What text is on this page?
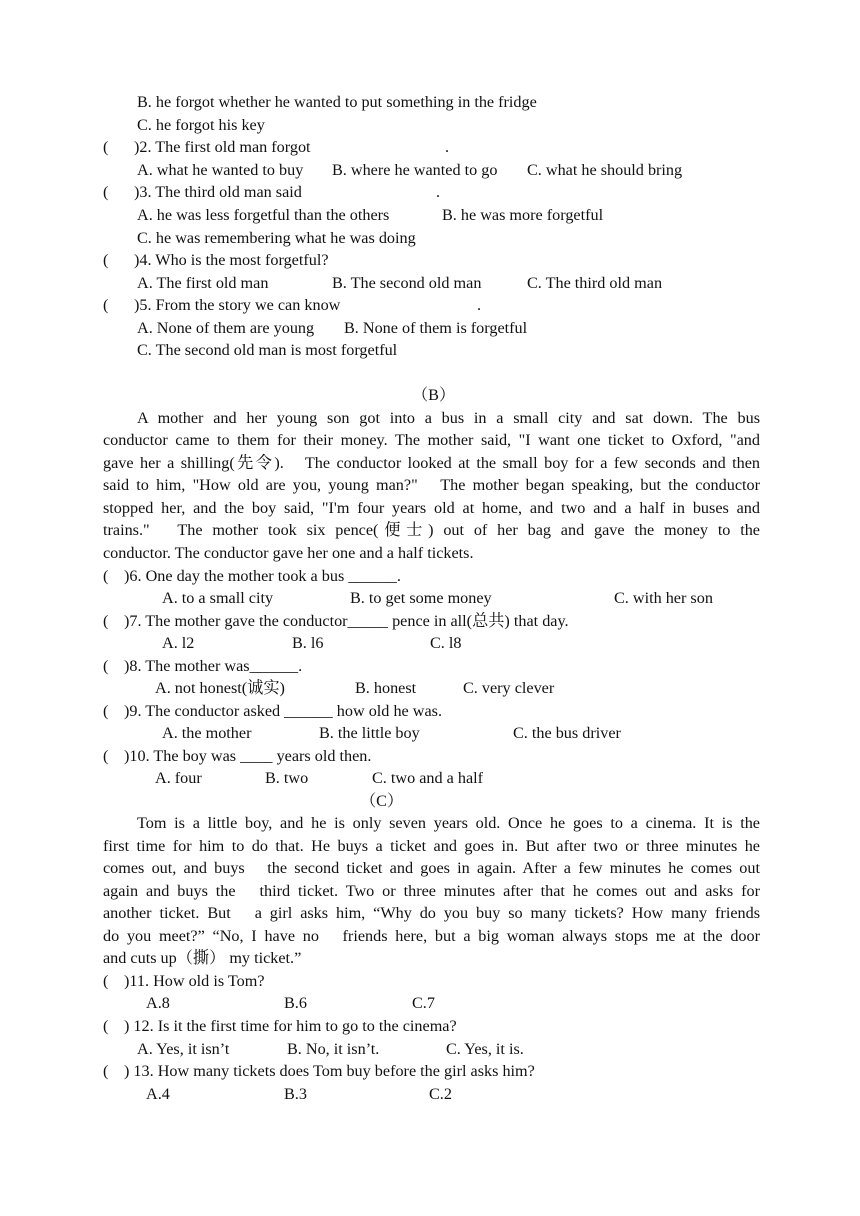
B. he forgot whether he wanted to put something in the fridge
C. he forgot his key
( )2. The first old man forgot	.
A. what he wanted to buy B. where he wanted to go C. what he should bring
( )3. The third old man said	.
A. he was less forgetful than the others	B. he was more forgetful
C. he was remembering what he was doing
( )4. Who is the most forgetful?
A. The first old man	B. The second old man	C. The third old man
( )5. From the story we can know	.
A. None of them are young B. None of them is forgetful
C. The second old man is most forgetful
（B）
A mother and her young son got into a bus in a small city and sat down. The bus
conductor came to them for their money. The mother said, "I want one ticket to Oxford, "and
gave her a shilling(先令).　The conductor looked at the small boy for a few seconds and then
said to him, "How old are you, young man?"　The mother began speaking, but the conductor
stopped her, and the boy said, "I'm four years old at home, and two and a half in buses and
trains."　The mother took six pence(便士) out of her bag and gave the money to the
conductor. The conductor gave her one and a half tickets.
( )6. One day the mother took a bus ______.
A. to a small city	B. to get some money	C. with her son
( )7. The mother gave the conductor_____ pence in all(总共) that day.
A. l2	B. l6	C. l8
( )8. The mother was______.
A. not honest(诚实)	B. honest	C. very clever
( )9. The conductor asked ______ how old he was.
A. the mother	B. the little boy	C. the bus driver
( )10. The boy was ____ years old then.
A. four	B. two	C. two and a half
（C）
Tom is a little boy, and he is only seven years old. Once he goes to a cinema. It is the
first time for him to do that. He buys a ticket and goes in. But after two or three minutes he
comes out, and buys　the second ticket and goes in again. After a few minutes he comes out
again and buys the　third ticket. Two or three minutes after that he comes out and asks for
another ticket. But　a girl asks him, “Why do you buy so many tickets? How many friends
do you meet?” “No, I have no　friends here, but a big woman always stops me at the door
and cuts up（撕） my ticket.”
( )11. How old is Tom?
A.8	B.6	C.7
( ) 12. Is it the first time for him to go to the cinema?
A. Yes, it isn’t	B. No, it isn’t.	C. Yes, it is.
( ) 13. How many tickets does Tom buy before the girl asks him?
A.4	B.3	C.2
